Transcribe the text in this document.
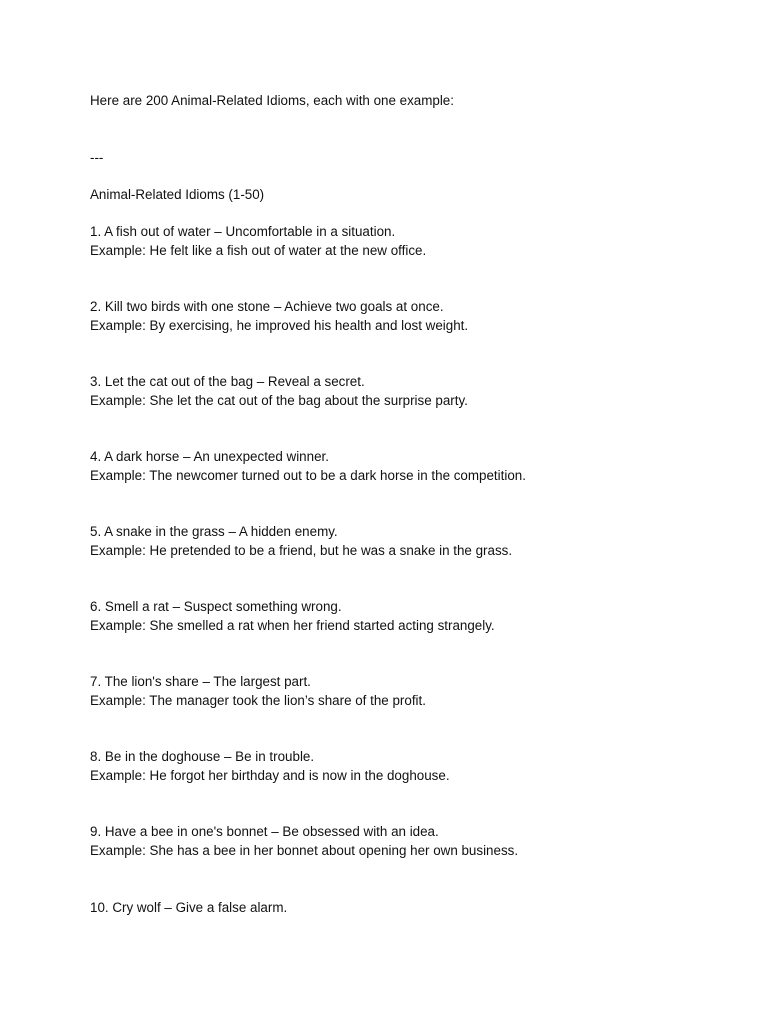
Here are 200 Animal-Related Idioms, each with one example:
---
Animal-Related Idioms (1-50)
1. A fish out of water – Uncomfortable in a situation.
Example: He felt like a fish out of water at the new office.
2. Kill two birds with one stone – Achieve two goals at once.
Example: By exercising, he improved his health and lost weight.
3. Let the cat out of the bag – Reveal a secret.
Example: She let the cat out of the bag about the surprise party.
4. A dark horse – An unexpected winner.
Example: The newcomer turned out to be a dark horse in the competition.
5. A snake in the grass – A hidden enemy.
Example: He pretended to be a friend, but he was a snake in the grass.
6. Smell a rat – Suspect something wrong.
Example: She smelled a rat when her friend started acting strangely.
7. The lion's share – The largest part.
Example: The manager took the lion’s share of the profit.
8. Be in the doghouse – Be in trouble.
Example: He forgot her birthday and is now in the doghouse.
9. Have a bee in one's bonnet – Be obsessed with an idea.
Example: She has a bee in her bonnet about opening her own business.
10. Cry wolf – Give a false alarm.
